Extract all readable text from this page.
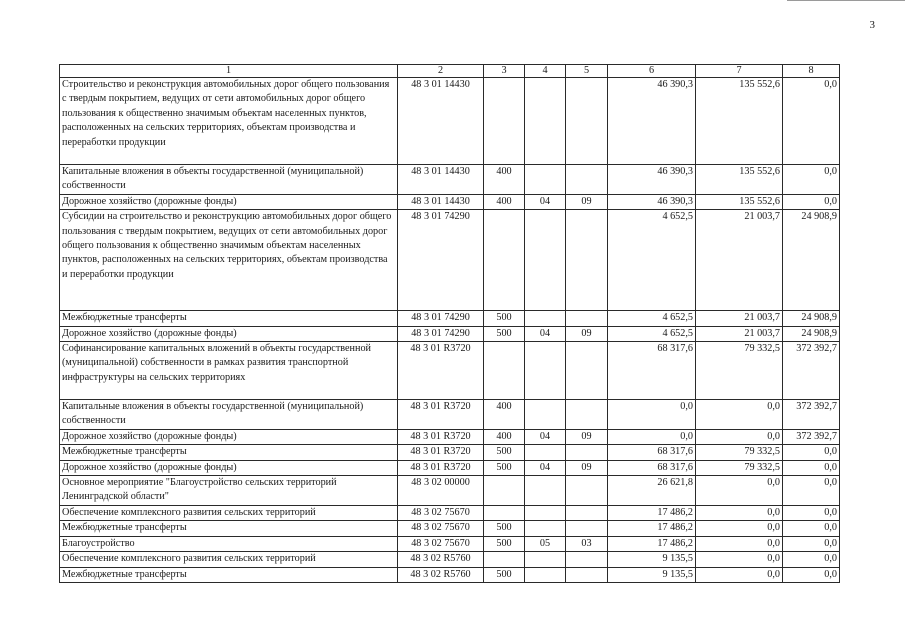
3
1	2	3	4	5	6	7	8
Строительство и реконструкция автомобильных дорог общего пользования с твердым покрытием, ведущих от сети автомобильных дорог общего пользования к общественно значимым объектам населенных пунктов, расположенных на сельских территориях, объектам производства и переработки продукции	48 3 01 14430				46 390,3	135 552,6	0,0
Капитальные вложения в объекты государственной (муниципальной) собственности	48 3 01 14430	400			46 390,3	135 552,6	0,0
Дорожное хозяйство (дорожные фонды)	48 3 01 14430	400	04	09	46 390,3	135 552,6	0,0
Субсидии на строительство и реконструкцию автомобильных дорог общего пользования с твердым покрытием, ведущих от сети автомобильных дорог общего пользования к общественно значимым объектам населенных пунктов, расположенных на сельских территориях, объектам производства и переработки продукции	48 3 01 74290				4 652,5	21 003,7	24 908,9
Межбюджетные трансферты	48 3 01 74290	500			4 652,5	21 003,7	24 908,9
Дорожное хозяйство (дорожные фонды)	48 3 01 74290	500	04	09	4 652,5	21 003,7	24 908,9
Софинансирование капитальных вложений в объекты государственной (муниципальной) собственности в рамках развития транспортной инфраструктуры на сельских территориях	48 3 01 R3720				68 317,6	79 332,5	372 392,7
Капитальные вложения в объекты государственной (муниципальной) собственности	48 3 01 R3720	400			0,0	0,0	372 392,7
Дорожное хозяйство (дорожные фонды)	48 3 01 R3720	400	04	09	0,0	0,0	372 392,7
Межбюджетные трансферты	48 3 01 R3720	500			68 317,6	79 332,5	0,0
Дорожное хозяйство (дорожные фонды)	48 3 01 R3720	500	04	09	68 317,6	79 332,5	0,0
Основное мероприятие "Благоустройство сельских территорий Ленинградской области"	48 3 02 00000				26 621,8	0,0	0,0
Обеспечение комплексного развития сельских территорий	48 3 02 75670				17 486,2	0,0	0,0
Межбюджетные трансферты	48 3 02 75670	500			17 486,2	0,0	0,0
Благоустройство	48 3 02 75670	500	05	03	17 486,2	0,0	0,0
Обеспечение комплексного развития сельских территорий	48 3 02 R5760				9 135,5	0,0	0,0
Межбюджетные трансферты	48 3 02 R5760	500			9 135,5	0,0	0,0
